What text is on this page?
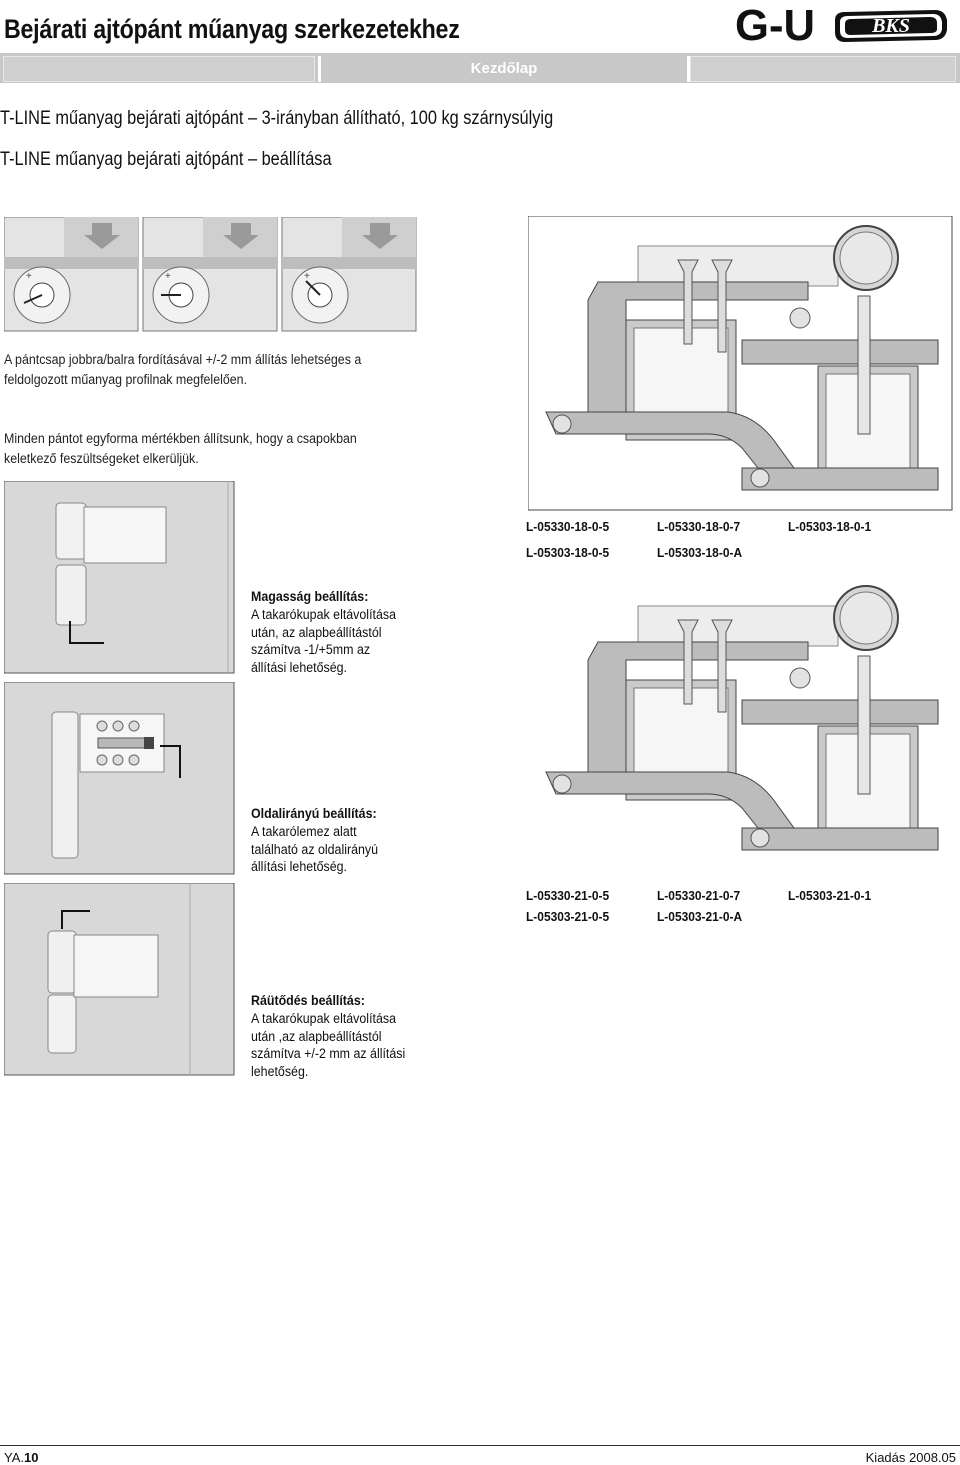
Bejárati ajtópánt műanyag szerkezetekhez	G-U	BKS
Kezdőlap
T-LINE műanyag bejárati ajtópánt – 3-irányban állítható, 100 kg szárnysúlyig
T-LINE műanyag bejárati ajtópánt – beállítása
+	+	+
A pántcsap jobbra/balra fordításával +/-2 mm állítás lehetséges a feldolgozott műanyag profilnak megfelelően.
Minden pántot egyforma mértékben állítsunk, hogy a csapokban keletkező feszültségeket elkerüljük.
L-05330-18-0-5	L-05330-18-0-7	L-05303-18-0-1
L-05303-18-0-5	L-05303-18-0-A
L-05330-21-0-5	L-05330-21-0-7	L-05303-21-0-1
L-05303-21-0-5	L-05303-21-0-A
Magasság beállítás:
A takarókupak eltávolítása után, az alapbeállítástól számítva -1/+5mm az állítási lehetőség.
Oldalirányú beállítás:
A takarólemez alatt található az oldalirányú állítási lehetőség.
Ráütődés beállítás:
A takarókupak eltávolítása után ,az alapbeállítástól számítva +/-2 mm az állítási lehetőség.
YA.10	Kiadás 2008.05
